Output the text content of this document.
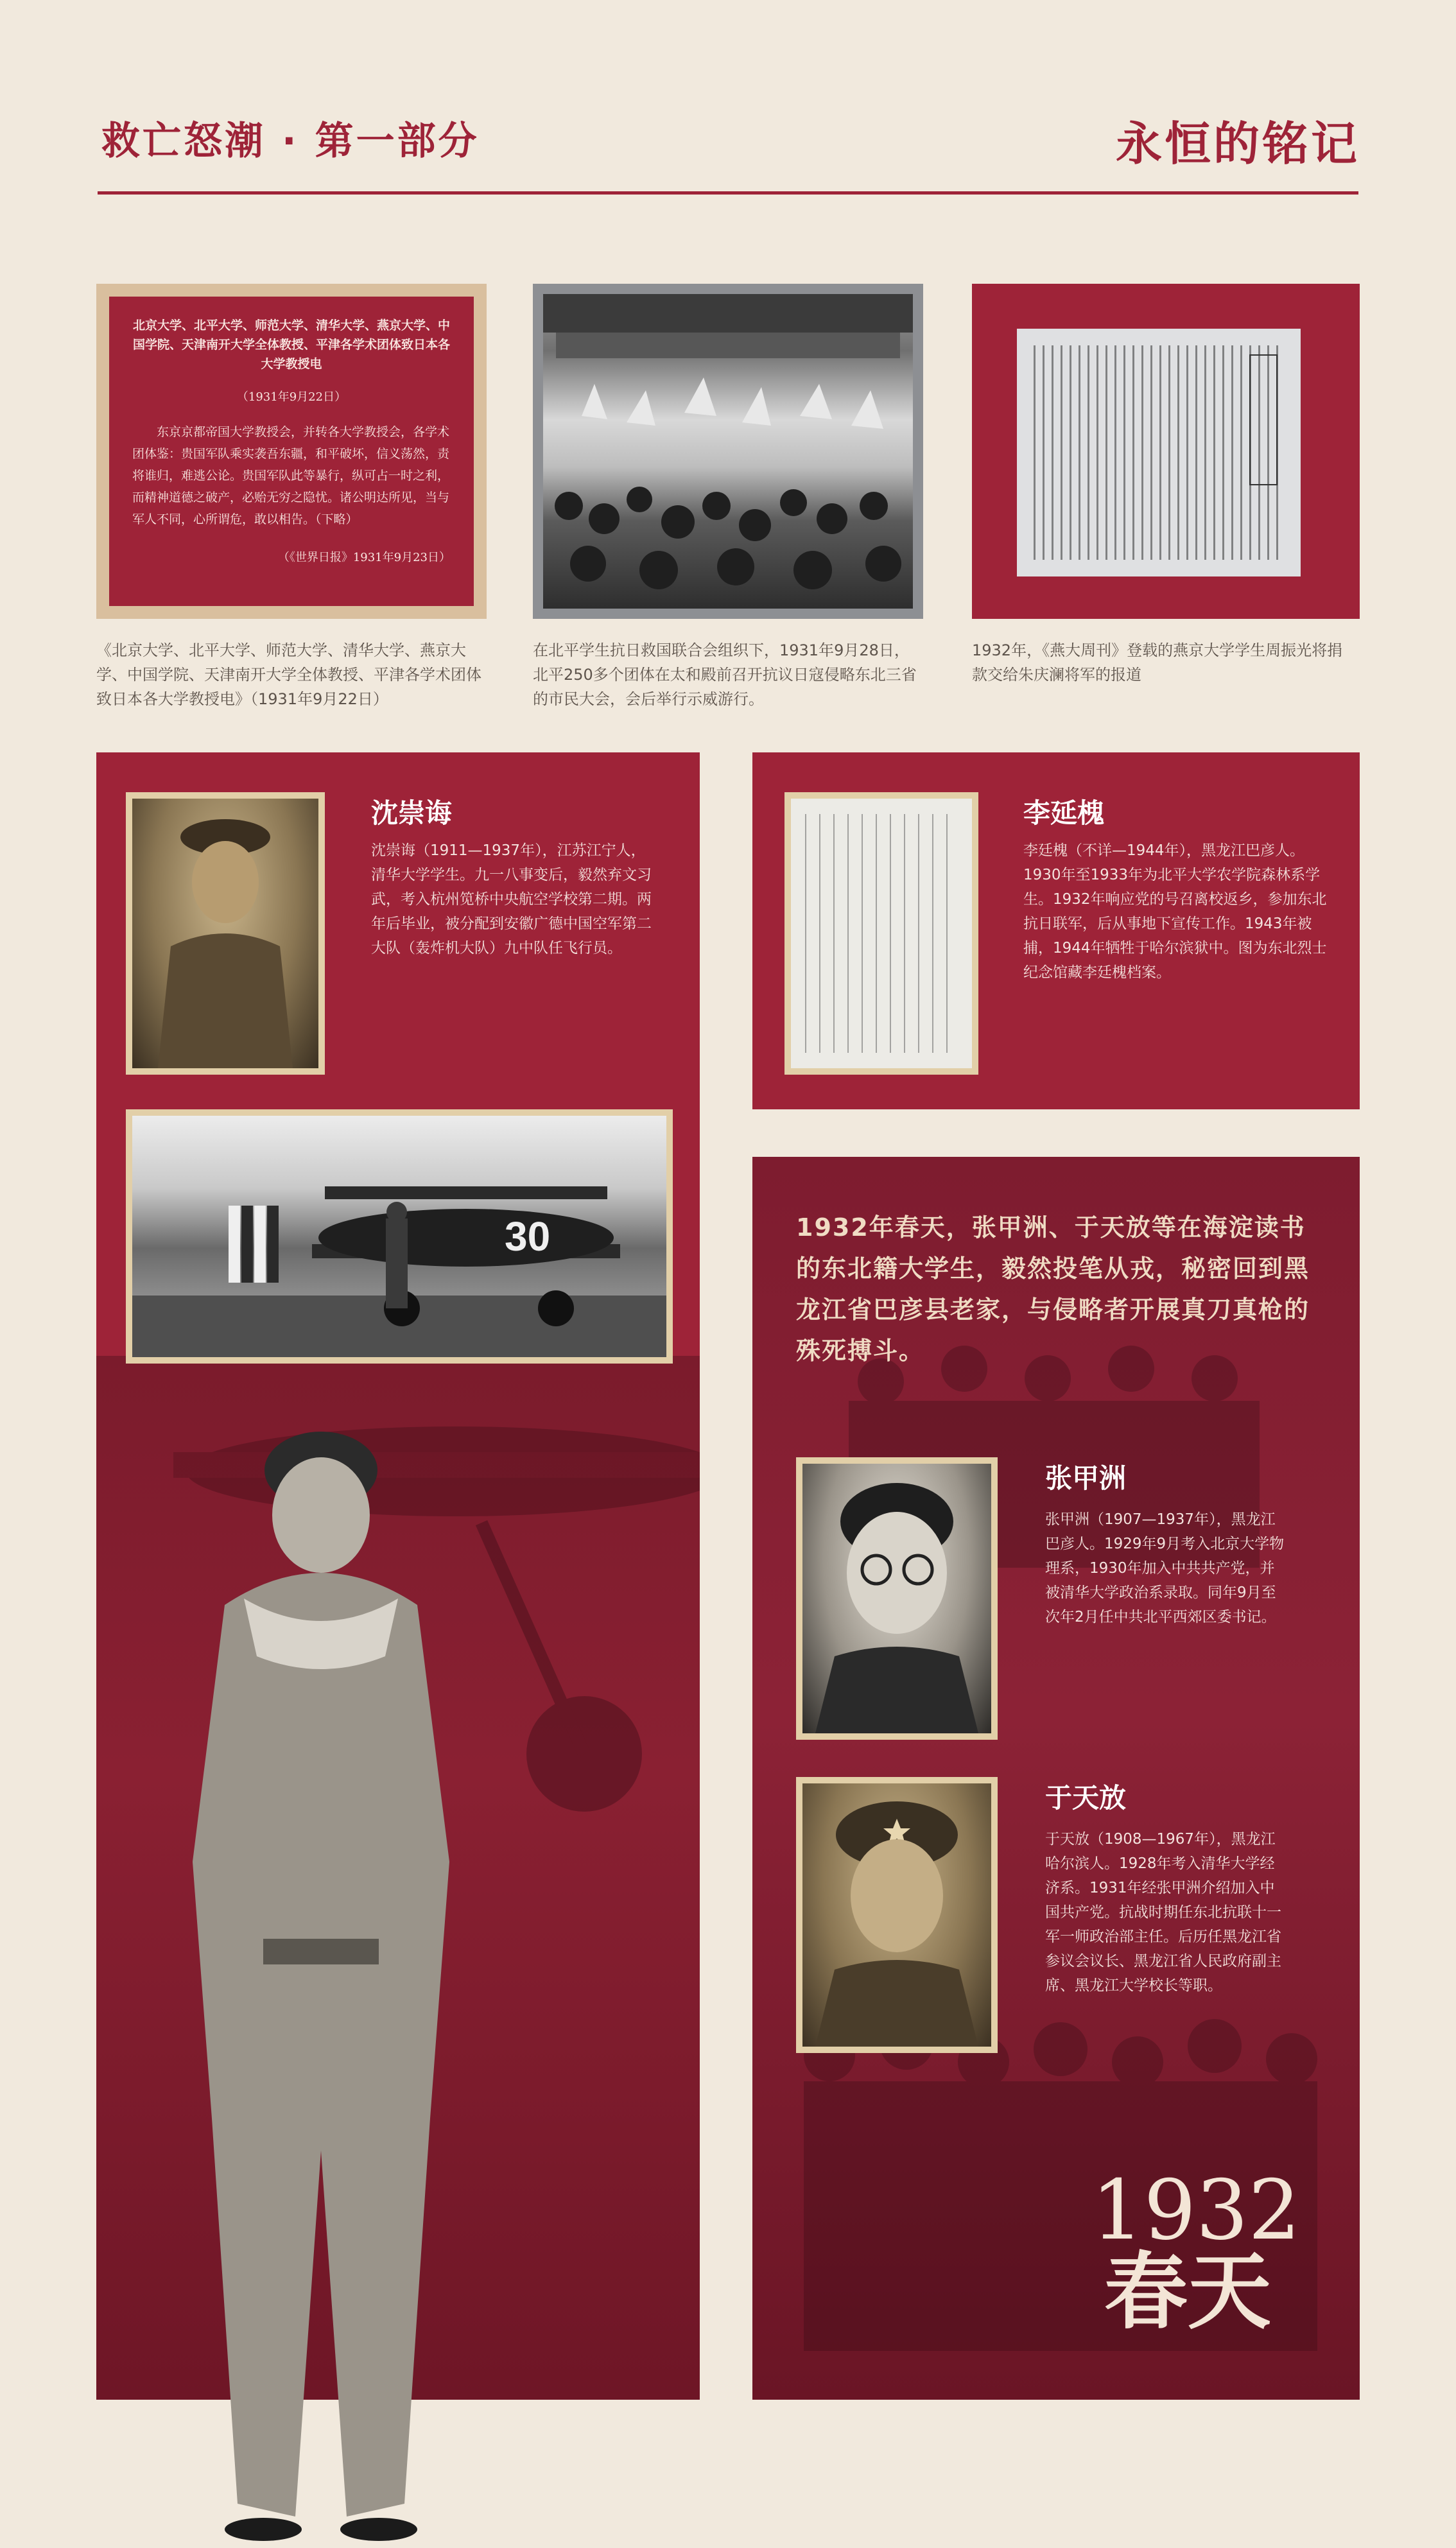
救亡怒潮 · 第一部分	永恒的铭记
北京大学、北平大学、师范大学、清华大学、燕京大学、中国学院、天津南开大学全体教授、平津各学术团体致日本各大学教授电
（1931年9月22日）
东京京都帝国大学教授会，并转各大学教授会，各学术团体鉴：贵国军队乘实袭吾东疆，和平破坏，信义荡然，责将谁归，难逃公论。贵国军队此等暴行，纵可占一时之利，而精神道德之破产，必贻无穷之隐忧。诸公明达所见，当与军人不同，心所谓危，敢以相告。（下略）
（《世界日报》1931年9月23日）
《北京大学、北平大学、师范大学、清华大学、燕京大学、中国学院、天津南开大学全体教授、平津各学术团体致日本各大学教授电》（1931年9月22日）
在北平学生抗日救国联合会组织下，1931年9月28日，北平250多个团体在太和殿前召开抗议日寇侵略东北三省的市民大会，会后举行示威游行。
1932年，《燕大周刊》登载的燕京大学学生周振光将捐款交给朱庆澜将军的报道
沈崇诲
沈崇诲（1911—1937年），江苏江宁人，清华大学学生。九一八事变后，毅然弃文习武，考入杭州笕桥中央航空学校第二期。两年后毕业，被分配到安徽广德中国空军第二大队（轰炸机大队）九中队任飞行员。
30
李延槐
李廷槐（不详—1944年），黑龙江巴彦人。1930年至1933年为北平大学农学院森林系学生。1932年响应党的号召离校返乡，参加东北抗日联军，后从事地下宣传工作。1943年被捕，1944年牺牲于哈尔滨狱中。图为东北烈士纪念馆藏李廷槐档案。
1932年春天，张甲洲、于天放等在海淀读书的东北籍大学生，毅然投笔从戎，秘密回到黑龙江省巴彦县老家，与侵略者开展真刀真枪的殊死搏斗。
张甲洲
张甲洲（1907—1937年），黑龙江巴彦人。1929年9月考入北京大学物理系，1930年加入中共共产党，并被清华大学政治系录取。同年9月至次年2月任中共北平西郊区委书记。
于天放
于天放（1908—1967年），黑龙江哈尔滨人。1928年考入清华大学经济系。1931年经张甲洲介绍加入中国共产党。抗战时期任东北抗联十一军一师政治部主任。后历任黑龙江省参议会议长、黑龙江省人民政府副主席、黑龙江大学校长等职。
1932
春天
